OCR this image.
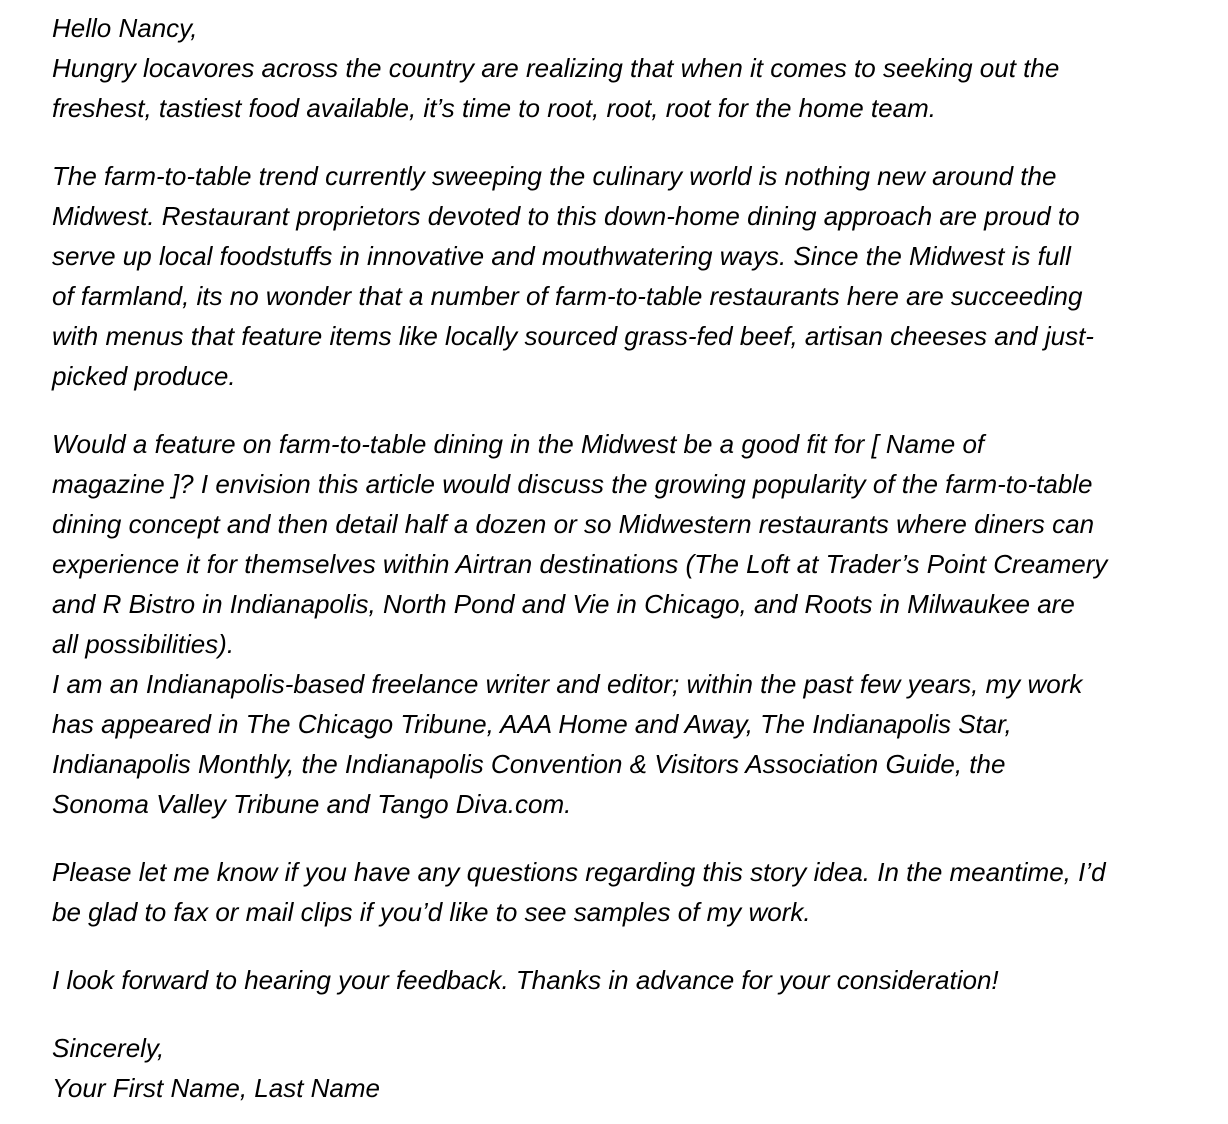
Hello Nancy,

Hungry locavores across the country are realizing that when it comes to seeking out the
freshest, tastiest food available, it’s time to root, root, root for the home team.

The farm-to-table trend currently sweeping the culinary world is nothing new around the
Midwest. Restaurant proprietors devoted to this down-home dining approach are proud to
serve up local foodstuffs in innovative and mouthwatering ways. Since the Midwest is full
of farmland, its no wonder that a number of farm-to-table restaurants here are succeeding
with menus that feature items like locally sourced grass-fed beef, artisan cheeses and just-
picked produce.

Would a feature on farm-to-table dining in the Midwest be a good fit for [ Name of
magazine ]? I envision this article would discuss the growing popularity of the farm-to-table
dining concept and then detail half a dozen or so Midwestern restaurants where diners can
experience it for themselves within Airtran destinations (The Loft at Trader’s Point Creamery
and R Bistro in Indianapolis, North Pond and Vie in Chicago, and Roots in Milwaukee are
all possibilities).

I am an Indianapolis-based freelance writer and editor; within the past few years, my work
has appeared in The Chicago Tribune, AAA Home and Away, The Indianapolis Star,
Indianapolis Monthly, the Indianapolis Convention & Visitors Association Guide, the
Sonoma Valley Tribune and Tango Diva.com.

Please let me know if you have any questions regarding this story idea. In the meantime, I’d
be glad to fax or mail clips if you’d like to see samples of my work.

I look forward to hearing your feedback. Thanks in advance for your consideration!

Sincerely,

Your First Name, Last Name
